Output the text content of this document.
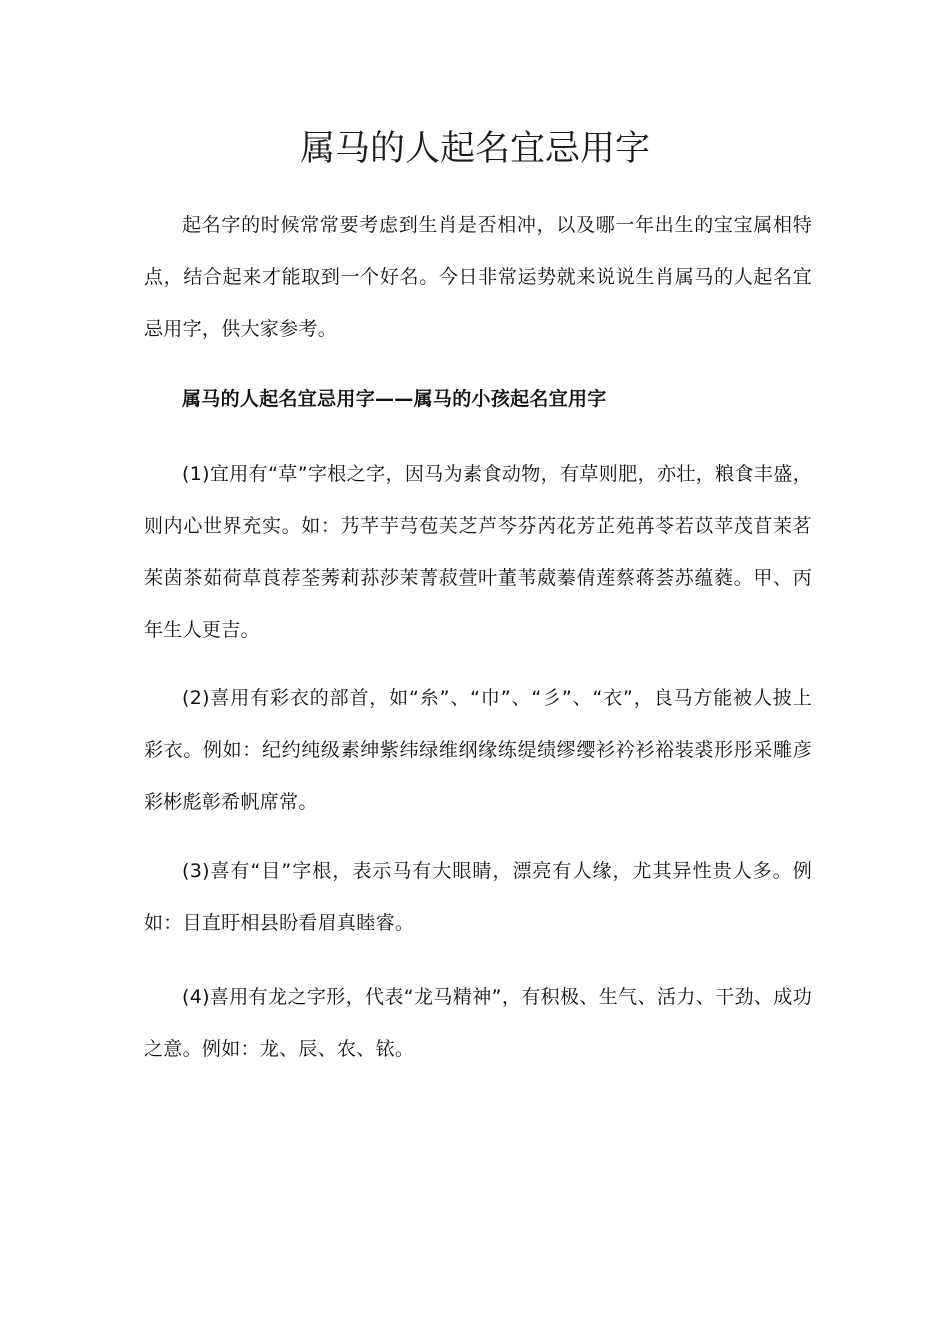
属马的人起名宜忌用字

起名字的时候常常要考虑到生肖是否相冲，以及哪一年出生的宝宝属相特点，结合起来才能取到一个好名。今日非常运势就来说说生肖属马的人起名宜忌用字，供大家参考。

属马的人起名宜忌用字——属马的小孩起名宜用字

(1)宜用有“草”字根之字，因马为素食动物，有草则肥，亦壮，粮食丰盛，则内心世界充实。如：艿芊芋芎苞芙芝芦芩芬芮花芳芷苑苒苓若苡苹茂苜茉茗茱茵茶茹荷草莨荐荃莠莉荪莎茉菁菽萱叶董苇葳蓁倩莲蔡蒋荟苏蕴蕤。甲、丙年生人更吉。

(2)喜用有彩衣的部首，如“糸”、“巾”、“彡”、“衣”，良马方能被人披上彩衣。例如：纪约纯级素绅紫纬绿维纲缘练缇绩缪缨衫衿衫裕装裘形彤采雕彦彩彬彪彰希帆席常。

(3)喜有“目”字根，表示马有大眼睛，漂亮有人缘，尤其异性贵人多。例如：目直盱相县盼看眉真睦睿。

(4)喜用有龙之字形，代表“龙马精神”，有积极、生气、活力、干劲、成功之意。例如：龙、辰、农、铱。
